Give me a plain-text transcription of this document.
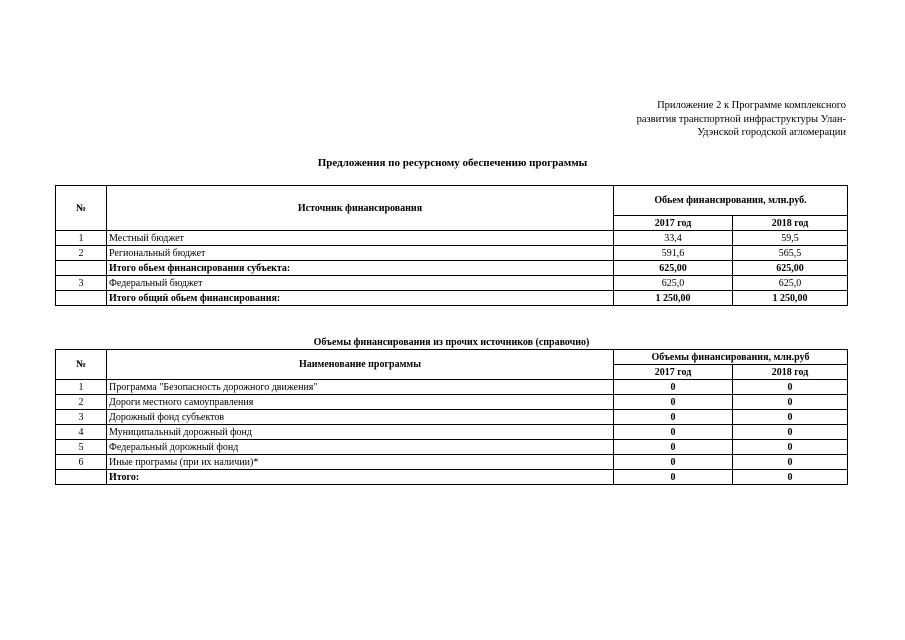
Приложение 2 к Программе комплексного
развития транспортной инфраструктуры Улан-
Удэнской городской агломерации
Предложения по ресурсному обеспечению программы
№	Источник финансирования	Обьем финансирования, млн.руб.	
		2017 год	2018 год
1	Местный бюджет	33,4	59,5
2	Региональный бюджет	591,6	565,5
	Итого обьем финансирования субъекта:	625,00	625,00
3	Федеральный бюджет	625,0	625,0
	Итого общий обьем финансирования:	1 250,00	1 250,00
Объемы финансирования из прочих источников (справочно)
№	Наименование программы	Объемы финансирования, млн.руб	
		2017 год	2018 год
1	Программа "Безопасность дорожного движения"	0	0
2	Дороги местного самоуправления	0	0
3	Дорожный фонд субъектов	0	0
4	Муниципальный дорожный фонд	0	0
5	Федеральный дорожный фонд	0	0
6	Иные програмы (при их наличии)*	0	0
	Итого:	0	0
